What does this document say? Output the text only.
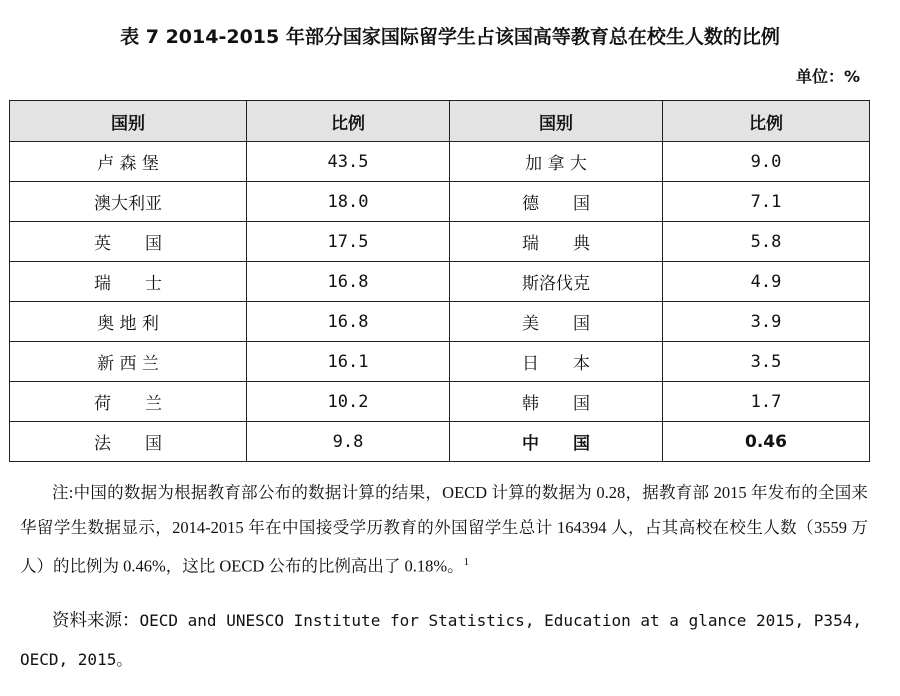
表 7 2014-2015 年部分国家国际留学生占该国高等教育总在校生人数的比例
单位：%
国别	比例	国别	比例
卢 森 堡	43.5	加 拿 大	9.0
澳大利亚	18.0	德　　国	7.1
英　　国	17.5	瑞　　典	5.8
瑞　　士	16.8	斯洛伐克	4.9
奥 地 利	16.8	美　　国	3.9
新 西 兰	16.1	日　　本	3.5
荷　　兰	10.2	韩　　国	1.7
法　　国	9.8	中　　国	0.46
注:中国的数据为根据教育部公布的数据计算的结果，OECD 计算的数据为 0.28，据教育部 2015 年发布的全国来华留学生数据显示，2014-2015 年在中国接受学历教育的外国留学生总计 164394 人，占其高校在校生人数（3559 万人）的比例为 0.46%，这比 OECD 公布的比例高出了 0.18%。$^1$
资料来源：OECD and UNESCO Institute for Statistics, Education at a glance 2015, P354, OECD, 2015。
